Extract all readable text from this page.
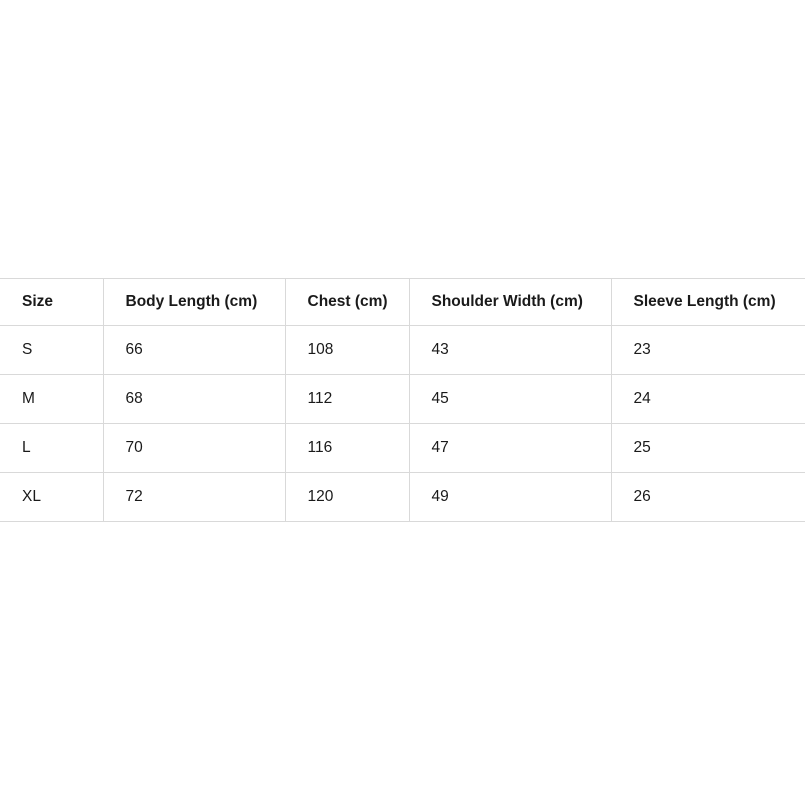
Size	Body Length (cm)	Chest (cm)	Shoulder Width (cm)	Sleeve Length (cm)
S	66	108	43	23
M	68	112	45	24
L	70	116	47	25
XL	72	120	49	26
